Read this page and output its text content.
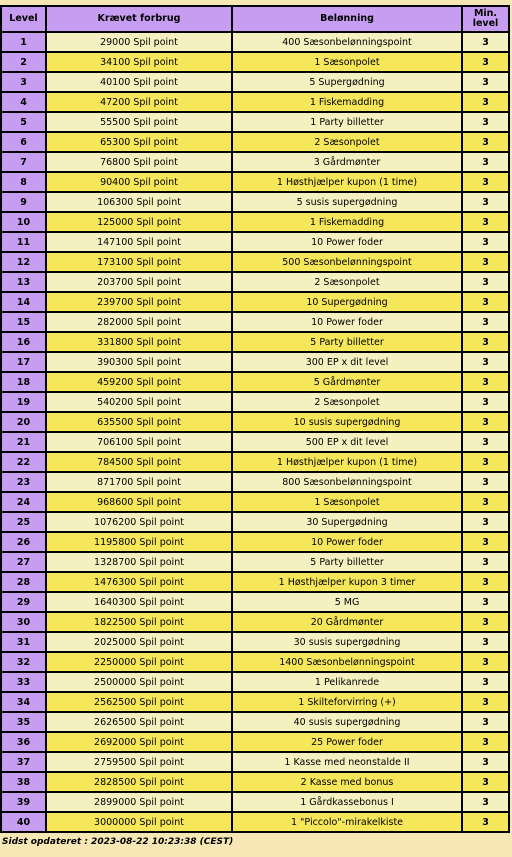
Level	Krævet forbrug	Belønning	Min. level
1	29000 Spil point	400 Sæsonbelønningspoint	3
2	34100 Spil point	1 Sæsonpolet	3
3	40100 Spil point	5 Supergødning	3
4	47200 Spil point	1 Fiskemadding	3
5	55500 Spil point	1 Party billetter	3
6	65300 Spil point	2 Sæsonpolet	3
7	76800 Spil point	3 Gårdmønter	3
8	90400 Spil point	1 Høsthjælper kupon (1 time)	3
9	106300 Spil point	5 susis supergødning	3
10	125000 Spil point	1 Fiskemadding	3
11	147100 Spil point	10 Power foder	3
12	173100 Spil point	500 Sæsonbelønningspoint	3
13	203700 Spil point	2 Sæsonpolet	3
14	239700 Spil point	10 Supergødning	3
15	282000 Spil point	10 Power foder	3
16	331800 Spil point	5 Party billetter	3
17	390300 Spil point	300 EP x dit level	3
18	459200 Spil point	5 Gårdmønter	3
19	540200 Spil point	2 Sæsonpolet	3
20	635500 Spil point	10 susis supergødning	3
21	706100 Spil point	500 EP x dit level	3
22	784500 Spil point	1 Høsthjælper kupon (1 time)	3
23	871700 Spil point	800 Sæsonbelønningspoint	3
24	968600 Spil point	1 Sæsonpolet	3
25	1076200 Spil point	30 Supergødning	3
26	1195800 Spil point	10 Power foder	3
27	1328700 Spil point	5 Party billetter	3
28	1476300 Spil point	1 Høsthjælper kupon 3 timer	3
29	1640300 Spil point	5 MG	3
30	1822500 Spil point	20 Gårdmønter	3
31	2025000 Spil point	30 susis supergødning	3
32	2250000 Spil point	1400 Sæsonbelønningspoint	3
33	2500000 Spil point	1 Pelikanrede	3
34	2562500 Spil point	1 Skilteforvirring (+)	3
35	2626500 Spil point	40 susis supergødning	3
36	2692000 Spil point	25 Power foder	3
37	2759500 Spil point	1 Kasse med neonstalde II	3
38	2828500 Spil point	2 Kasse med bonus	3
39	2899000 Spil point	1 Gårdkassebonus I	3
40	3000000 Spil point	1 "Piccolo"-mirakelkiste	3
Sidst opdateret : 2023-08-22 10:23:38 (CEST)
